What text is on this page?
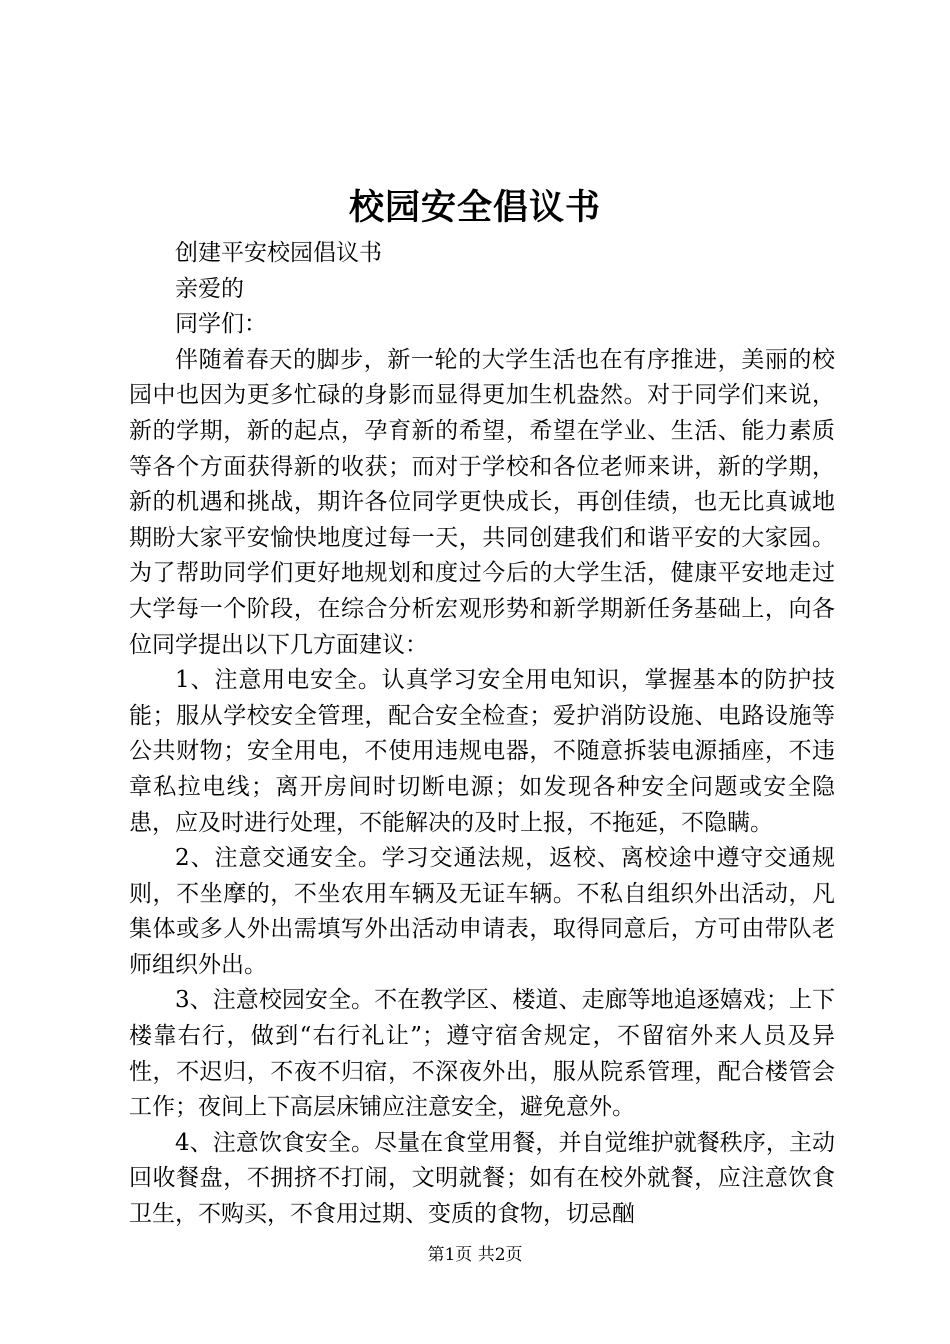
校园安全倡议书

创建平安校园倡议书

亲爱的

同学们：

伴随着春天的脚步，新一轮的大学生活也在有序推进，美丽的校园中也因为更多忙碌的身影而显得更加生机盎然。对于同学们来说，新的学期，新的起点，孕育新的希望，希望在学业、生活、能力素质等各个方面获得新的收获；而对于学校和各位老师来讲，新的学期，新的机遇和挑战，期许各位同学更快成长，再创佳绩，也无比真诚地期盼大家平安愉快地度过每一天，共同创建我们和谐平安的大家园。为了帮助同学们更好地规划和度过今后的大学生活，健康平安地走过大学每一个阶段，在综合分析宏观形势和新学期新任务基础上，向各位同学提出以下几方面建议：

1、注意用电安全。认真学习安全用电知识，掌握基本的防护技能；服从学校安全管理，配合安全检查；爱护消防设施、电路设施等公共财物；安全用电，不使用违规电器，不随意拆装电源插座，不违章私拉电线；离开房间时切断电源；如发现各种安全问题或安全隐患，应及时进行处理，不能解决的及时上报，不拖延，不隐瞒。

2、注意交通安全。学习交通法规，返校、离校途中遵守交通规则，不坐摩的，不坐农用车辆及无证车辆。不私自组织外出活动，凡集体或多人外出需填写外出活动申请表，取得同意后，方可由带队老师组织外出。

3、注意校园安全。不在教学区、楼道、走廊等地追逐嬉戏；上下楼靠右行，做到“右行礼让”；遵守宿舍规定，不留宿外来人员及异性，不迟归，不夜不归宿，不深夜外出，服从院系管理，配合楼管会工作；夜间上下高层床铺应注意安全，避免意外。

4、注意饮食安全。尽量在食堂用餐，并自觉维护就餐秩序，主动回收餐盘，不拥挤不打闹，文明就餐；如有在校外就餐，应注意饮食卫生，不购买，不食用过期、变质的食物，切忌酗

第1页 共2页
